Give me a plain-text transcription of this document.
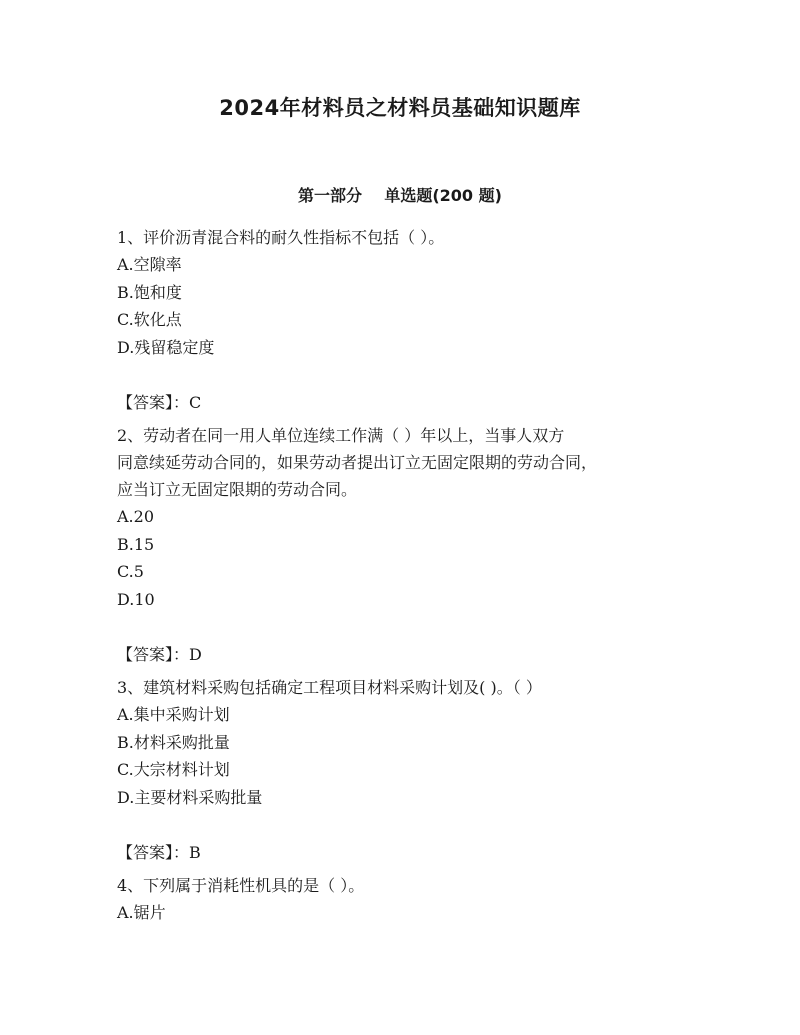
2024年材料员之材料员基础知识题库
第一部分    单选题(200 题)

1、评价沥青混合料的耐久性指标不包括（ ）。

A.空隙率

B.饱和度

C.软化点

D.残留稳定度

【答案】：C

2、劳动者在同一用人单位连续工作满（ ）年以上，当事人双方

同意续延劳动合同的，如果劳动者提出订立无固定限期的劳动合同，

应当订立无固定限期的劳动合同。

A.20

B.15

C.5

D.10

【答案】：D

3、建筑材料采购包括确定工程项目材料采购计划及( )。（ ）

A.集中采购计划

B.材料采购批量

C.大宗材料计划

D.主要材料采购批量

【答案】：B

4、下列属于消耗性机具的是（ ）。

A.锯片
